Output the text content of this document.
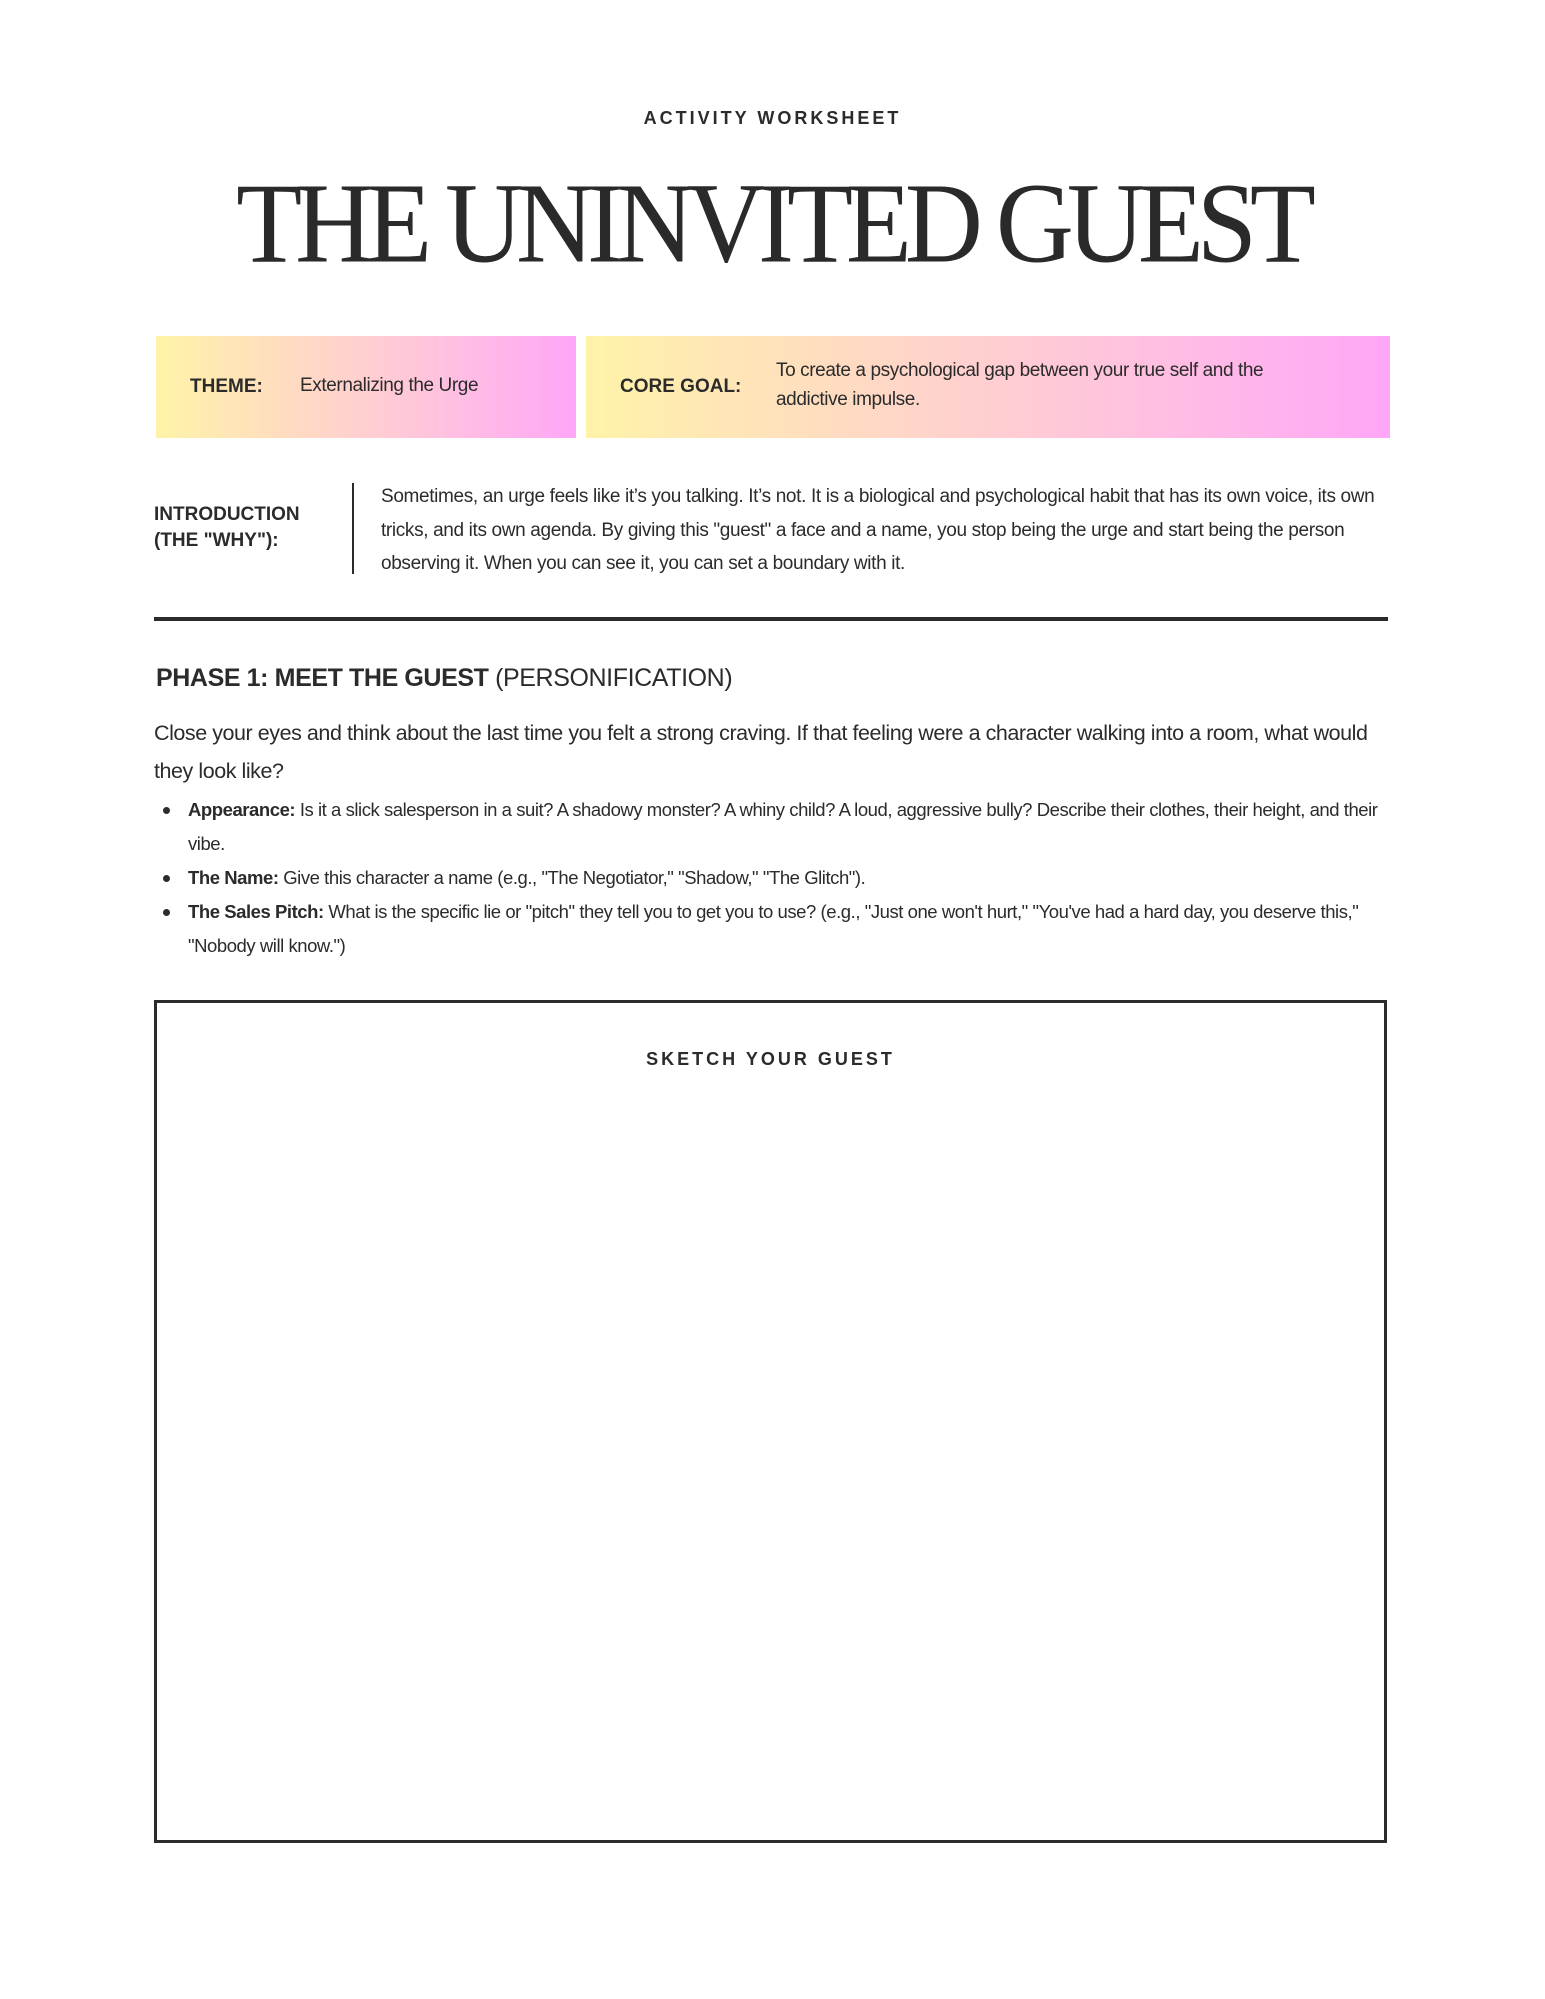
ACTIVITY WORKSHEET
THE UNINVITED GUEST
THEME:	Externalizing the Urge	CORE GOAL:
To create a psychological gap between your true self and the addictive impulse.
INTRODUCTION
(THE "WHY"):

Sometimes, an urge feels like it’s you talking. It’s not. It is a biological and psychological habit that has its own voice, its own tricks, and its own agenda. By giving this "guest" a face and a name, you stop being the urge and start being the person observing it. When you can see it, you can set a boundary with it.

PHASE 1: MEET THE GUEST (PERSONIFICATION)

Close your eyes and think about the last time you felt a strong craving. If that feeling were a character walking into a room, what would they look like?

Appearance: Is it a slick salesperson in a suit? A shadowy monster? A whiny child? A loud, aggressive bully? Describe their clothes, their height, and their vibe.
The Name: Give this character a name (e.g., "The Negotiator," "Shadow," "The Glitch").
The Sales Pitch: What is the specific lie or "pitch" they tell you to get you to use? (e.g., "Just one won't hurt," "You've had a hard day, you deserve this," "Nobody will know.")
SKETCH YOUR GUEST
